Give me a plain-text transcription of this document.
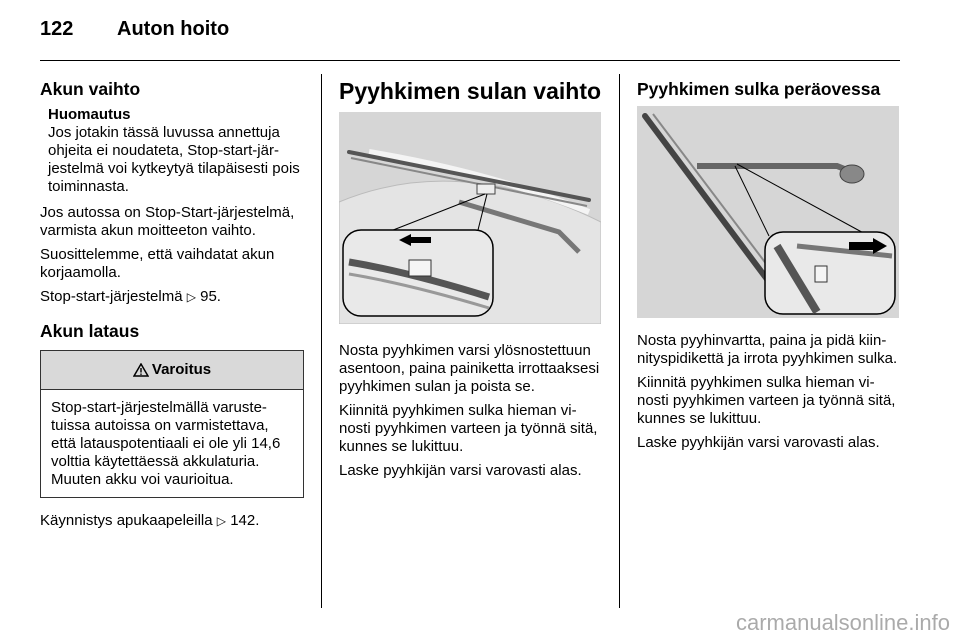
122 Auton hoito
Akun vaihto
Huomautus
Jos jotakin tässä luvussa annettuja ohjeita ei noudateta, Stop-start-järjestelmä voi kytkeytyä tilapäisesti pois toiminnasta.

Jos autossa on Stop-Start-järjestelmä, varmista akun moitteeton vaihto.

Suosittelemme, että vaihdatat akun korjaamolla.

Stop-start-järjestelmä ▷ 95.

Akun lataus
Varoitus
Stop-start-järjestelmällä varustetuissa autoissa on varmistettava, että latauspotentiaali ei ole yli 14,6 volttia käytettäessä akkulaturia. Muuten akku voi vaurioitua.

Käynnistys apukaapeleilla ▷ 142.

Pyyhkimen sulan vaihto

Nosta pyyhkimen varsi ylösnostettuun asentoon, paina painiketta irrottaaksesi pyyhkimen sulan ja poista se.

Kiinnitä pyyhkimen sulka hieman vinosti pyyhkimen varteen ja työnnä sitä, kunnes se lukittuu.

Laske pyyhkijän varsi varovasti alas.

Pyyhkimen sulka peräovessa

Nosta pyyhinvartta, paina ja pidä kiinnityspidikettä ja irrota pyyhkimen sulka.

Kiinnitä pyyhkimen sulka hieman vinosti pyyhkimen varteen ja työnnä sitä, kunnes se lukittuu.

Laske pyyhkijän varsi varovasti alas.

carmanualsonline.info
